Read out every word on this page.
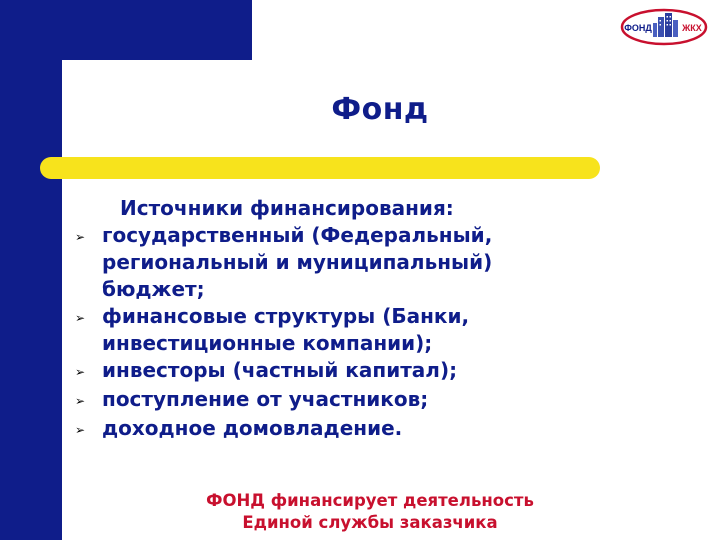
ФОНД	ЖКХ
Фонд
Источники финансирования:
➢ государственный (Федеральный,
региональный и муниципальный)
бюджет;
➢ финансовые структуры (Банки,
инвестиционные компании);
➢ инвесторы (частный капитал);
➢ поступление от участников;
➢ доходное домовладение.
ФОНД финансирует деятельность
Единой службы заказчика
